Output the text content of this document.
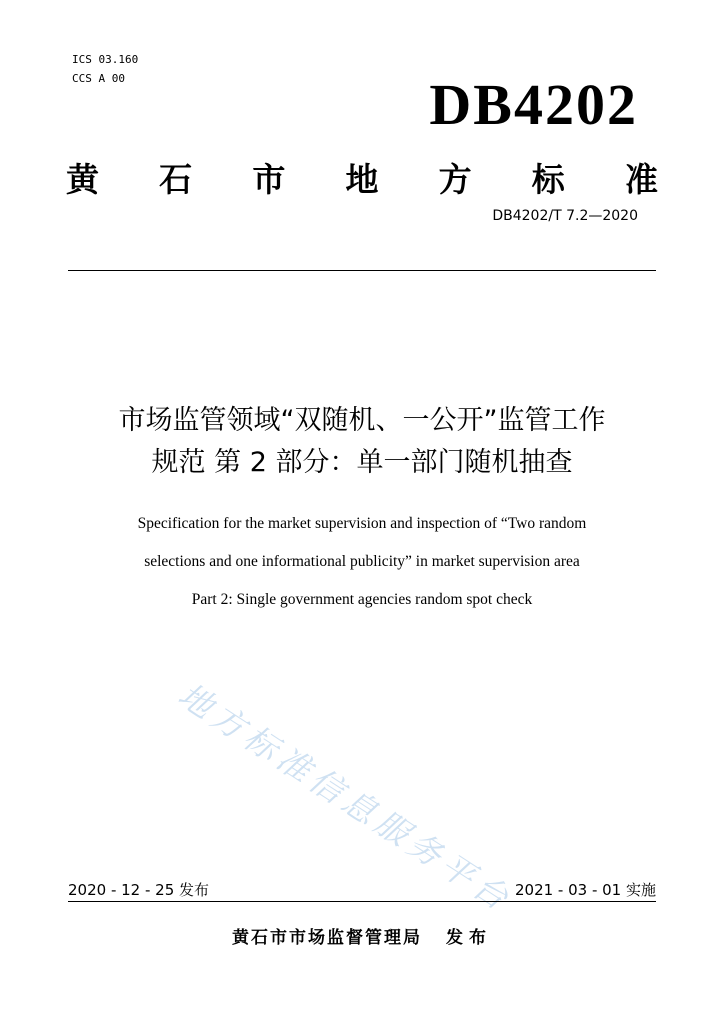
ICS 03.160
CCS A 00	DB4202
黄 石 市 地 方 标 准
DB4202/T 7.2—2020
市场监管领域“双随机、一公开”监管工作
规范 第 2 部分：单一部门随机抽查
Specification for the market supervision and inspection of “Two random
selections and one informational publicity” in market supervision area
Part 2: Single government agencies random spot check
地方标准信息服务平台
2020 - 12 - 25 发布	2021 - 03 - 01 实施
黄石市市场监督管理局 发布
